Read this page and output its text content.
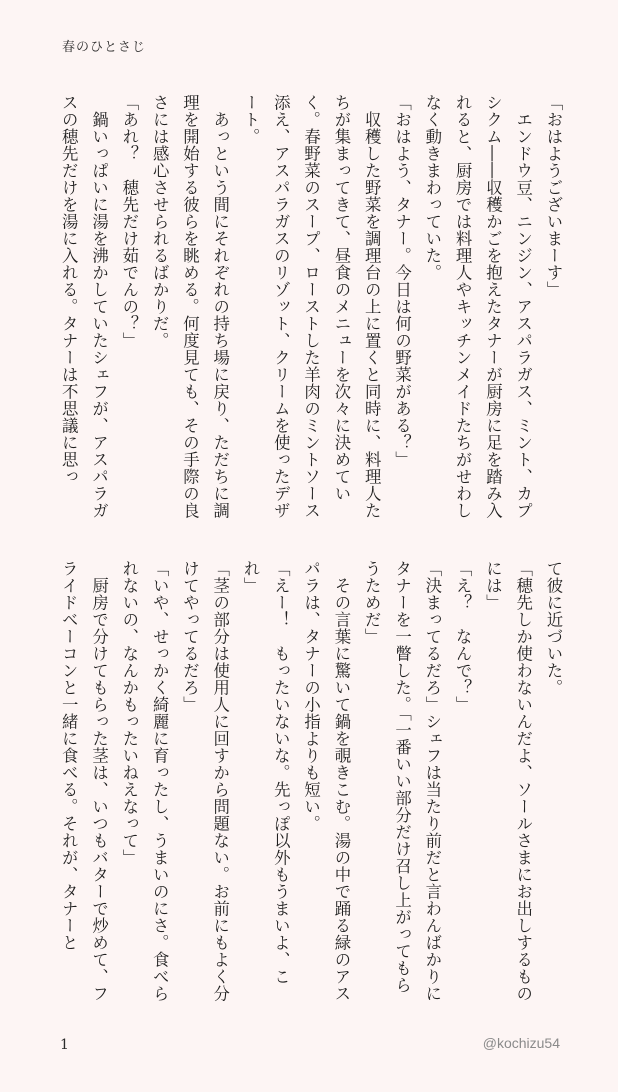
春のひとさじ

「おはようございまーす」

　エンドウ豆、ニンジン、アスパラガス、ミント、カプシクム――収穫かごを抱えたタナーが厨房に足を踏み入れると、厨房では料理人やキッチンメイドたちがせわしなく動きまわっていた。

「おはよう、タナー。今日は何の野菜がある？」

　収穫した野菜を調理台の上に置くと同時に、料理人たちが集まってきて、昼食のメニューを次々に決めていく。春野菜のスープ、ローストした羊肉のミントソース添え、アスパラガスのリゾット、クリームを使ったデザート。

　あっという間にそれぞれの持ち場に戻り、ただちに調理を開始する彼らを眺める。何度見ても、その手際の良さには感心させられるばかりだ。

「あれ？　穂先だけ茹でんの？」

　鍋いっぱいに湯を沸かしていたシェフが、アスパラガスの穂先だけを湯に入れる。タナーは不思議に思っ

て彼に近づいた。

「穂先しか使わないんだよ、ソールさまにお出しするものには」

「え？　なんで？」

「決まってるだろ」シェフは当たり前だと言わんばかりにタナーを一瞥した。「一番いい部分だけ召し上がってもらうためだ」

　その言葉に驚いて鍋を覗きこむ。湯の中で踊る緑のアスパラは、タナーの小指よりも短い。

「えー！　もったいないな。先っぽ以外もうまいよ、これ」

「茎の部分は使用人に回すから問題ない。お前にもよく分けてやってるだろ」

「いや、せっかく綺麗に育ったし、うまいのにさ。食べられないの、なんかもったいねえなって」

　厨房で分けてもらった茎は、いつもバターで炒めて、フライドベーコンと一緒に食べる。それが、タナーと

1	@kochizu54
